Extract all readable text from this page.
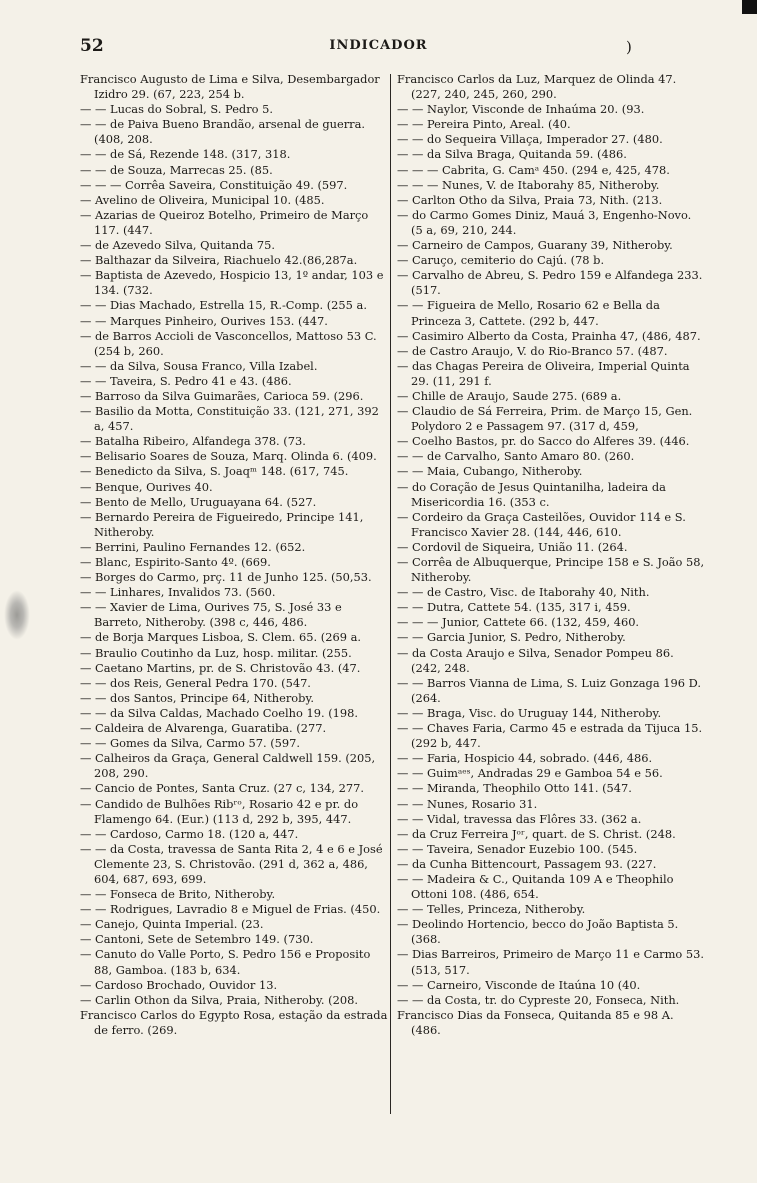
52	INDICADOR	)
Francisco Augusto de Lima e Silva, Desembargador Izidro 29. (67, 223, 254 b.
— — Lucas do Sobral, S. Pedro 5.
— — de Paiva Bueno Brandão, arsenal de guerra. (408, 208.
— — de Sá, Rezende 148. (317, 318.
— — de Souza, Marrecas 25. (85.
— — — Corrêa Saveira, Constituição 49. (597.
— Avelino de Oliveira, Municipal 10. (485.
— Azarias de Queiroz Botelho, Primeiro de Março 117. (447.
— de Azevedo Silva, Quitanda 75.
— Balthazar da Silveira, Riachuelo 42.(86,287a.
— Baptista de Azevedo, Hospicio 13, 1º andar, 103 e 134. (732.
— — Dias Machado, Estrella 15, R.-Comp. (255 a.
— — Marques Pinheiro, Ourives 153. (447.
— de Barros Accioli de Vasconcellos, Mattoso 53 C. (254 b, 260.
— — da Silva, Sousa Franco, Villa Izabel.
— — Taveira, S. Pedro 41 e 43. (486.
— Barroso da Silva Guimarães, Carioca 59. (296.
— Basilio da Motta, Constituição 33. (121, 271, 392 a, 457.
— Batalha Ribeiro, Alfandega 378. (73.
— Belisario Soares de Souza, Marq. Olinda 6. (409.
— Benedicto da Silva, S. Joaqᵐ 148. (617, 745.
— Benque, Ourives 40.
— Bento de Mello, Uruguayana 64. (527.
— Bernardo Pereira de Figueiredo, Principe 141, Nitheroby.
— Berrini, Paulino Fernandes 12. (652.
— Blanc, Espirito-Santo 4º. (669.
— Borges do Carmo, prç. 11 de Junho 125. (50,53.
— — Linhares, Invalidos 73. (560.
— — Xavier de Lima, Ourives 75, S. José 33 e Barreto, Nitheroby. (398 c, 446, 486.
— de Borja Marques Lisboa, S. Clem. 65. (269 a.
— Braulio Coutinho da Luz, hosp. militar. (255.
— Caetano Martins, pr. de S. Christovão 43. (47.
— — dos Reis, General Pedra 170. (547.
— — dos Santos, Principe 64, Nitheroby.
— — da Silva Caldas, Machado Coelho 19. (198.
— Caldeira de Alvarenga, Guaratiba. (277.
— — Gomes da Silva, Carmo 57. (597.
— Calheiros da Graça, General Caldwell 159. (205, 208, 290.
— Cancio de Pontes, Santa Cruz. (27 c, 134, 277.
— Candido de Bulhões Ribʳᵒ, Rosario 42 e pr. do Flamengo 64. (Eur.) (113 d, 292 b, 395, 447.
— — Cardoso, Carmo 18. (120 a, 447.
— — da Costa, travessa de Santa Rita 2, 4 e 6 e José Clemente 23, S. Christovão. (291 d, 362 a, 486, 604, 687, 693, 699.
— — Fonseca de Brito, Nitheroby.
— — Rodrigues, Lavradio 8 e Miguel de Frias. (450.
— Canejo, Quinta Imperial. (23.
— Cantoni, Sete de Setembro 149. (730.
— Canuto do Valle Porto, S. Pedro 156 e Proposito 88, Gamboa. (183 b, 634.
— Cardoso Brochado, Ouvidor 13.
— Carlin Othon da Silva, Praia, Nitheroby. (208.
Francisco Carlos do Egypto Rosa, estação da estrada de ferro. (269.
Francisco Carlos da Luz, Marquez de Olinda 47. (227, 240, 245, 260, 290.
— — Naylor, Visconde de Inhaúma 20. (93.
— — Pereira Pinto, Areal. (40.
— — do Sequeira Villaça, Imperador 27. (480.
— — da Silva Braga, Quitanda 59. (486.
— — — Cabrita, G. Camᵃ 450. (294 e, 425, 478.
— — — Nunes, V. de Itaborahy 85, Nitheroby.
— Carlton Otho da Silva, Praia 73, Nith. (213.
— do Carmo Gomes Diniz, Mauá 3, Engenho-Novo. (5 a, 69, 210, 244.
— Carneiro de Campos, Guarany 39, Nitheroby.
— Caruço, cemiterio do Cajú. (78 b.
— Carvalho de Abreu, S. Pedro 159 e Alfandega 233. (517.
— — Figueira de Mello, Rosario 62 e Bella da Princeza 3, Cattete. (292 b, 447.
— Casimiro Alberto da Costa, Prainha 47, (486, 487.
— de Castro Araujo, V. do Rio-Branco 57. (487.
— das Chagas Pereira de Oliveira, Imperial Quinta 29. (11, 291 f.
— Chille de Araujo, Saude 275. (689 a.
— Claudio de Sá Ferreira, Prim. de Março 15, Gen. Polydoro 2 e Passagem 97. (317 d, 459,
— Coelho Bastos, pr. do Sacco do Alferes 39. (446.
— — de Carvalho, Santo Amaro 80. (260.
— — Maia, Cubango, Nitheroby.
— do Coração de Jesus Quintanilha, ladeira da Misericordia 16. (353 c.
— Cordeiro da Graça Casteilões, Ouvidor 114 e S. Francisco Xavier 28. (144, 446, 610.
— Cordovil de Siqueira, União 11. (264.
— Corrêa de Albuquerque, Principe 158 e S. João 58, Nitheroby.
— — de Castro, Visc. de Itaborahy 40, Nith.
— — Dutra, Cattete 54. (135, 317 i, 459.
— — — Junior, Cattete 66. (132, 459, 460.
— — Garcia Junior, S. Pedro, Nitheroby.
— da Costa Araujo e Silva, Senador Pompeu 86. (242, 248.
— — Barros Vianna de Lima, S. Luiz Gonzaga 196 D. (264.
— — Braga, Visc. do Uruguay 144, Nitheroby.
— — Chaves Faria, Carmo 45 e estrada da Tijuca 15. (292 b, 447.
— — Faria, Hospicio 44, sobrado. (446, 486.
— — Guimᵃᵉˢ, Andradas 29 e Gamboa 54 e 56.
— — Miranda, Theophilo Otto 141. (547.
— — Nunes, Rosario 31.
— — Vidal, travessa das Flôres 33. (362 a.
— da Cruz Ferreira Jᵒʳ, quart. de S. Christ. (248.
— — Taveira, Senador Euzebio 100. (545.
— da Cunha Bittencourt, Passagem 93. (227.
— — Madeira & C., Quitanda 109 A e Theophilo Ottoni 108. (486, 654.
— — Telles, Princeza, Nitheroby.
— Deolindo Hortencio, becco do João Baptista 5. (368.
— Dias Barreiros, Primeiro de Março 11 e Carmo 53. (513, 517.
— — Carneiro, Visconde de Itaúna 10 (40.
— — da Costa, tr. do Cypreste 20, Fonseca, Nith.
Francisco Dias da Fonseca, Quitanda 85 e 98 A. (486.
